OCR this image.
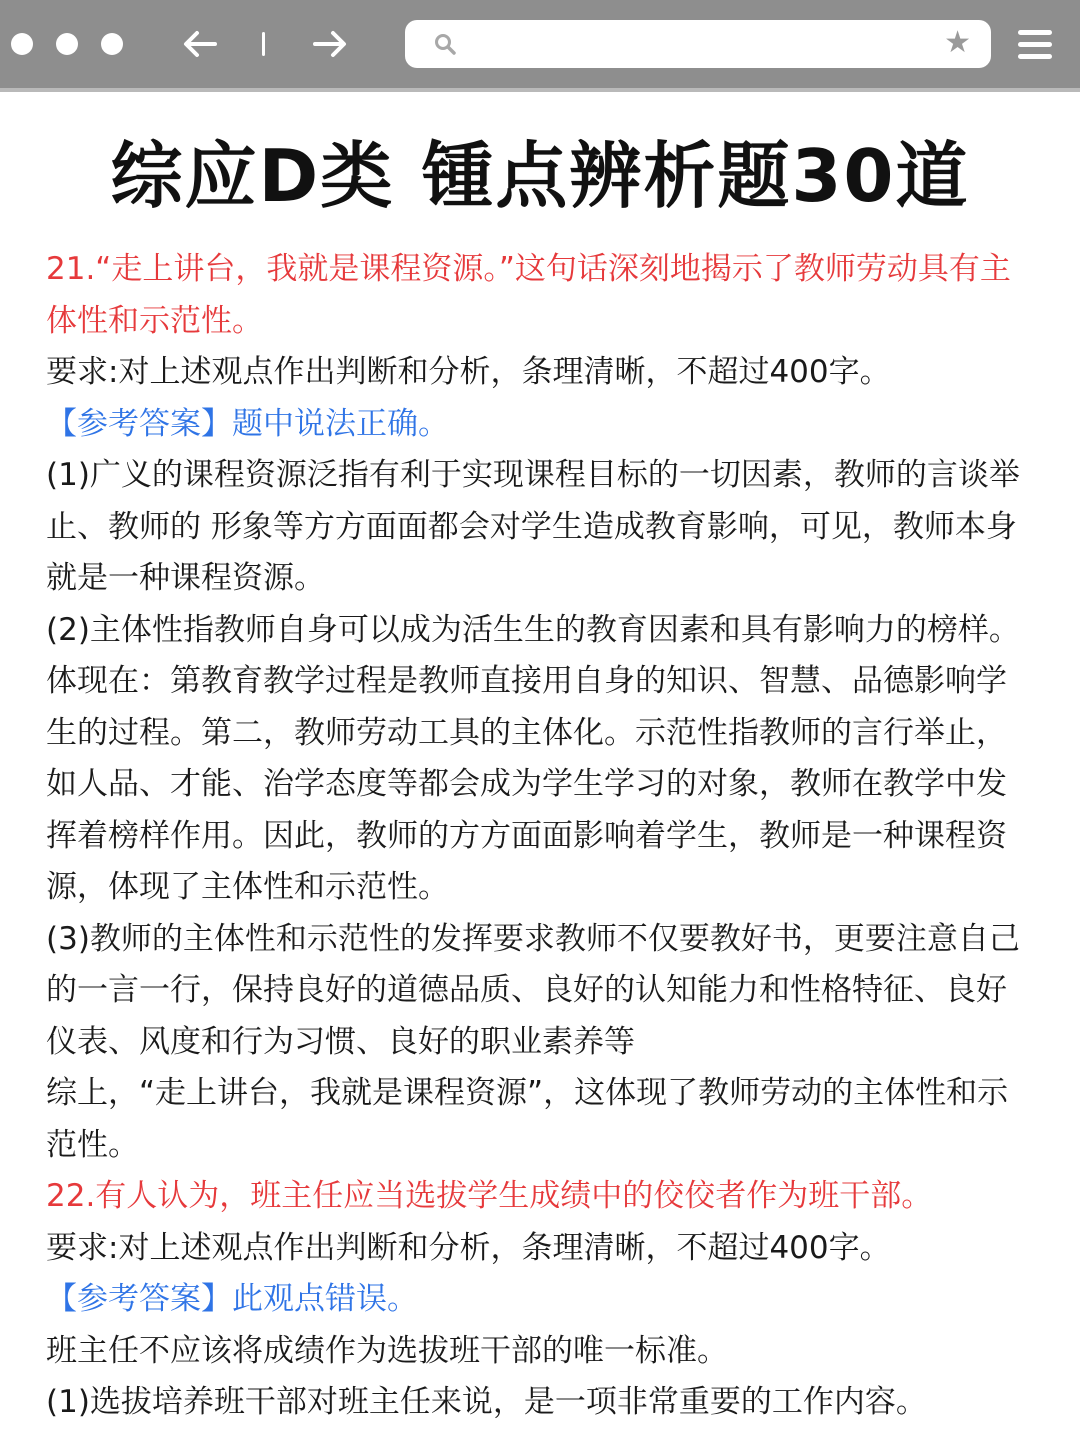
★
综应D类 锺点辨析题30道

21.“走上讲台，我就是课程资源。”这句话深刻地揭示了教师劳动具有主体性和示范性。

要求:对上述观点作出判断和分析，条理清晰，不超过400字。

【参考答案】题中说法正确。

(1)广义的课程资源泛指有利于实现课程目标的一切因素，教师的言谈举止、教师的 形象等方方面面都会对学生造成教育影响，可见，教师本身就是一种课程资源。

(2)主体性指教师自身可以成为活生生的教育因素和具有影响力的榜样。体现在：第教育教学过程是教师直接用自身的知识、智慧、品德影响学生的过程。第二，教师劳动工具的主体化。示范性指教师的言行举止，如人品、才能、治学态度等都会成为学生学习的对象，教师在教学中发挥着榜样作用。因此，教师的方方面面影响着学生，教师是一种课程资源，体现了主体性和示范性。

(3)教师的主体性和示范性的发挥要求教师不仅要教好书，更要注意自己的一言一行，保持良好的道德品质、良好的认知能力和性格特征、良好仪表、风度和行为习惯、良好的职业素养等

综上，“走上讲台，我就是课程资源”，这体现了教师劳动的主体性和示范性。

22.有人认为，班主任应当选拔学生成绩中的佼佼者作为班干部。

要求:对上述观点作出判断和分析，条理清晰，不超过400字。

【参考答案】此观点错误。

班主任不应该将成绩作为选拔班干部的唯一标准。

(1)选拔培养班干部对班主任来说，是一项非常重要的工作内容。
